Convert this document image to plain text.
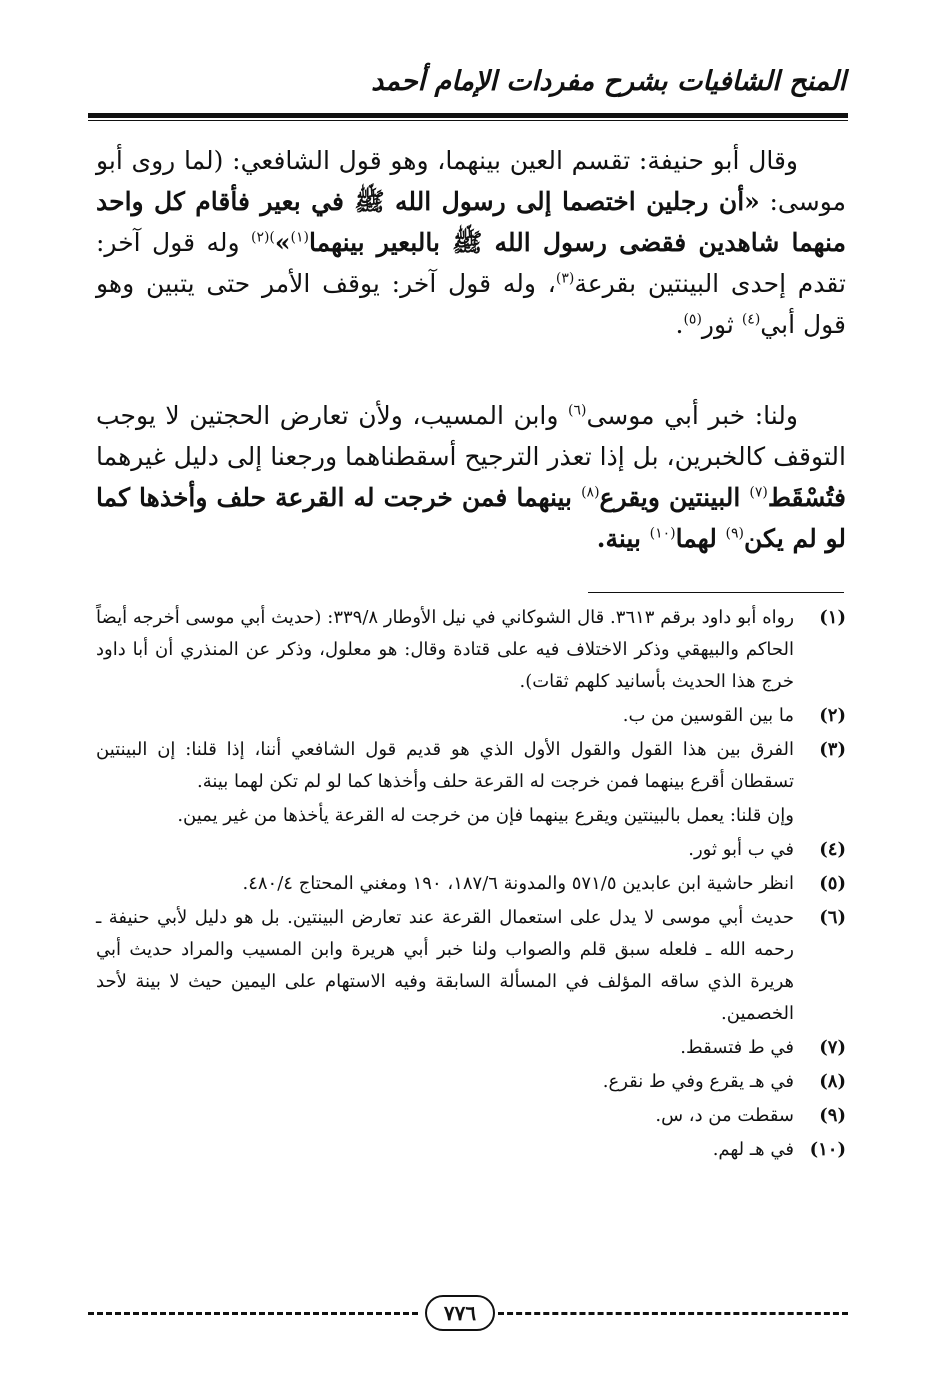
المنح الشافيات بشرح مفردات الإمام أحمد

وقال أبو حنيفة: تقسم العين بينهما، وهو قول الشافعي: (لما روى أبو موسى: «أن رجلين اختصما إلى رسول الله ﷺ في بعير فأقام كل واحد منهما شاهدين فقضى رسول الله ﷺ بالبعير بينهما$^{(١)}$»$^{)(٢)}$ وله قول آخر: تقدم إحدى البينتين بقرعة$^{(٣)}$، وله قول آخر: يوقف الأمر حتى يتبين وهو قول أبي$^{(٤)}$ ثور$^{(٥)}$.

ولنا: خبر أبي موسى$^{(٦)}$ وابن المسيب، ولأن تعارض الحجتين لا يوجب التوقف كالخبرين، بل إذا تعذر الترجيح أسقطناهما ورجعنا إلى دليل غيرهما فتُسْقَط$^{(٧)}$ البينتين ويقرع$^{(٨)}$ بينهما فمن خرجت له القرعة حلف وأخذها كما لو لم يكن$^{(٩)}$ لهما$^{(١٠)}$ بينة.

(١)
رواه أبو داود برقم ٣٦١٣. قال الشوكاني في نيل الأوطار ٣٣٩/٨: (حديث أبي موسى أخرجه أيضاً الحاكم والبيهقي وذكر الاختلاف فيه على قتادة وقال: هو معلول، وذكر عن المنذري أن أبا داود خرج هذا الحديث بأسانيد كلهم ثقات).
(٢)
ما بين القوسين من ب.
(٣)
الفرق بين هذا القول والقول الأول الذي هو قديم قول الشافعي أننا، إذا قلنا: إن البينتين تسقطان أقرع بينهما فمن خرجت له القرعة حلف وأخذها كما لو لم تكن لهما بينة.
وإن قلنا: يعمل بالبينتين ويقرع بينهما فإن من خرجت له القرعة يأخذها من غير يمين.
(٤)
في ب أبو ثور.
(٥)
انظر حاشية ابن عابدين ٥٧١/٥ والمدونة ١٨٧/٦، ١٩٠ ومغني المحتاج ٤٨٠/٤.
(٦)
حديث أبي موسى لا يدل على استعمال القرعة عند تعارض البينتين. بل هو دليل لأبي حنيفة ـ رحمه الله ـ فلعله سبق قلم والصواب ولنا خبر أبي هريرة وابن المسيب والمراد حديث أبي هريرة الذي ساقه المؤلف في المسألة السابقة وفيه الاستهام على اليمين حيث لا بينة لأحد الخصمين.
(٧)
في ط فتسقط.
(٨)
في هـ يقرع وفي ط نقرع.
(٩)
سقطت من د، س.
(١٠)
في هـ لهم.
٧٧٦
